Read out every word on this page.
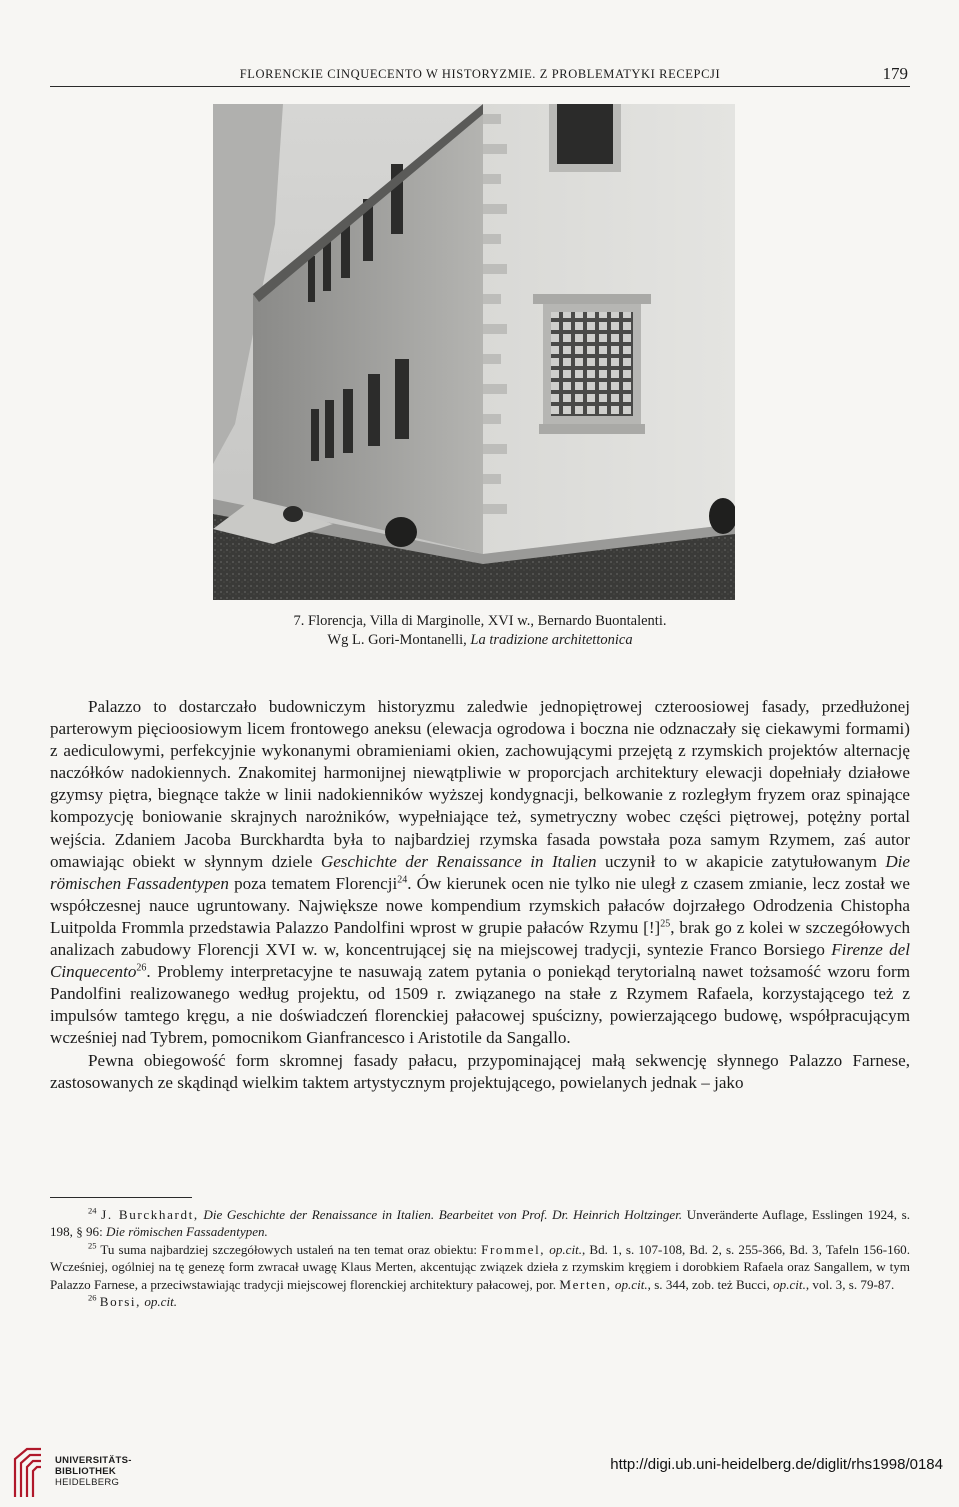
FLORENCKIE CINQUECENTO W HISTORYZMIE. Z PROBLEMATYKI RECEPCJI	179
7. Florencja, Villa di Marginolle, XVI w., Bernardo Buontalenti.
Wg L. Gori-Montanelli, La tradizione architettonica

Palazzo to dostarczało budowniczym historyzmu zaledwie jednopiętrowej czteroosiowej fasady, przedłużonej parterowym pięcioosiowym licem frontowego aneksu (elewacja ogrodowa i boczna nie odznaczały się ciekawymi formami) z aediculowymi, perfekcyjnie wykonanymi obramieniami okien, zachowującymi przejętą z rzymskich projektów alternację naczółków nadokiennych. Znakomitej harmonijnej niewątpliwie w proporcjach architektury elewacji dopełniały działowe gzymsy piętra, biegnące także w linii nadokienników wyższej kondygnacji, belkowanie z rozległym fryzem oraz spinające kompozycję boniowanie skrajnych narożników, wypełniające też, symetryczny wobec części piętrowej, potężny portal wejścia. Zdaniem Jacoba Burckhardta była to najbardziej rzymska fasada powstała poza samym Rzymem, zaś autor omawiając obiekt w słynnym dziele Geschichte der Renaissance in Italien uczynił to w akapicie zatytułowanym Die römischen Fassadentypen poza tematem Florencji$^{24}$. Ów kierunek ocen nie tylko nie uległ z czasem zmianie, lecz został we współczesnej nauce ugruntowany. Największe nowe kompendium rzymskich pałaców dojrzałego Odrodzenia Chistopha Luitpolda Frommla przedstawia Palazzo Pandolfini wprost w grupie pałaców Rzymu [!]$^{25}$, brak go z kolei w szczegółowych analizach zabudowy Florencji XVI w. w, koncentrującej się na miejscowej tradycji, syntezie Franco Borsiego Firenze del Cinquecento$^{26}$. Problemy interpretacyjne te nasuwają zatem pytania o poniekąd terytorialną nawet tożsamość wzoru form Pandolfini realizowanego według projektu, od 1509 r. związanego na stałe z Rzymem Rafaela, korzystającego też z impulsów tamtego kręgu, a nie doświadczeń florenckiej pałacowej spuścizny, powierzającego budowę, współpracującym wcześniej nad Tybrem, pomocnikom Gianfrancesco i Aristotile da Sangallo.

Pewna obiegowość form skromnej fasady pałacu, przypominającej małą sekwencję słynnego Palazzo Farnese, zastosowanych ze skądinąd wielkim taktem artystycznym projektującego, powielanych jednak – jako

$^{24}$ J. Burckhardt, Die Geschichte der Renaissance in Italien. Bearbeitet von Prof. Dr. Heinrich Holtzinger. Unveränderte Auflage, Esslingen 1924, s. 198, § 96: Die römischen Fassadentypen.

$^{25}$ Tu suma najbardziej szczegółowych ustaleń na ten temat oraz obiektu: Frommel, op.cit., Bd. 1, s. 107-108, Bd. 2, s. 255-366, Bd. 3, Tafeln 156-160. Wcześniej, ogólniej na tę genezę form zwracał uwagę Klaus Merten, akcentując związek dzieła z rzymskim kręgiem i dorobkiem Rafaela oraz Sangallem, w tym Palazzo Farnese, a przeciwstawiając tradycji miejscowej florenckiej architektury pałacowej, por. Merten, op.cit., s. 344, zob. też Bucci, op.cit., vol. 3, s. 79-87.

$^{26}$ Borsi, op.cit.

UNIVERSITÄTS-
BIBLIOTHEK
HEIDELBERG
http://digi.ub.uni-heidelberg.de/diglit/rhs1998/0184
